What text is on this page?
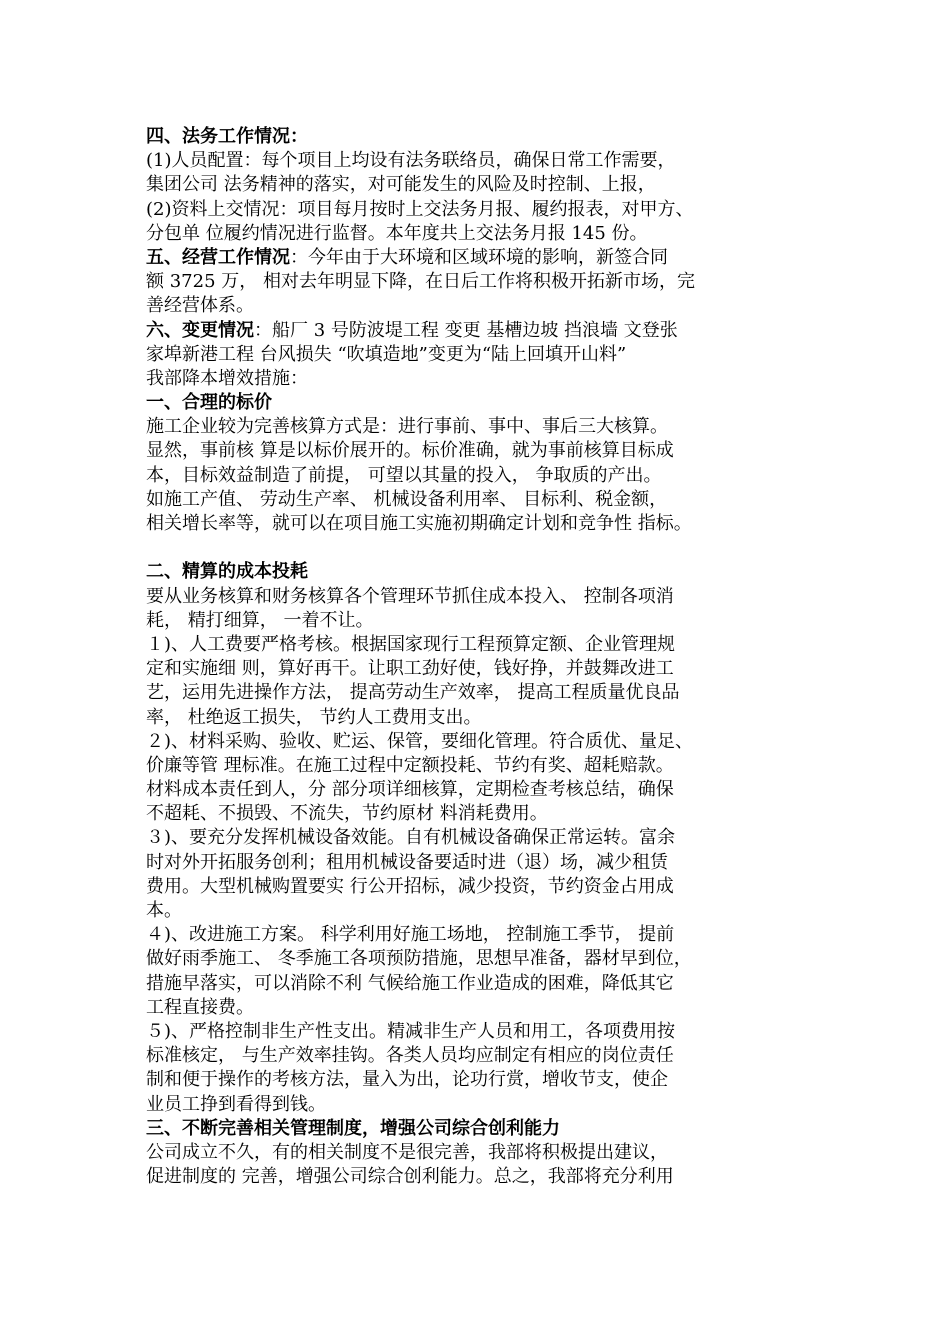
四、法务工作情况：
(1)人员配置：每个项目上均设有法务联络员，确保日常工作需要，
集团公司 法务精神的落实，对可能发生的风险及时控制、上报，
(2)资料上交情况：项目每月按时上交法务月报、履约报表，对甲方、
分包单 位履约情况进行监督。本年度共上交法务月报 145 份。
五、经营工作情况：今年由于大环境和区域环境的影响，新签合同
额 3725 万， 相对去年明显下降，在日后工作将积极开拓新市场，完
善经营体系。
六、变更情况：船厂 3 号防波堤工程 变更 基槽边坡 挡浪墙 文登张
家埠新港工程 台风损失 “吹填造地”变更为“陆上回填开山料”
我部降本增效措施：
一、合理的标价
施工企业较为完善核算方式是：进行事前、事中、事后三大核算。
显然，事前核 算是以标价展开的。标价准确，就为事前核算目标成
本，目标效益制造了前提， 可望以其量的投入， 争取质的产出。
如施工产值、 劳动生产率、 机械设备利用率、 目标利、税金额，
相关增长率等，就可以在项目施工实施初期确定计划和竞争性 指标。
二、精算的成本投耗
要从业务核算和财务核算各个管理环节抓住成本投入、 控制各项消
耗， 精打细算， 一着不让。
１)、人工费要严格考核。根据国家现行工程预算定额、企业管理规
定和实施细 则，算好再干。让职工劲好使，钱好挣，并鼓舞改进工
艺，运用先进操作方法， 提高劳动生产效率， 提高工程质量优良品
率， 杜绝返工损失， 节约人工费用支出。
２)、材料采购、验收、贮运、保管，要细化管理。符合质优、量足、
价廉等管 理标准。在施工过程中定额投耗、节约有奖、超耗赔款。
材料成本责任到人，分 部分项详细核算，定期检查考核总结，确保
不超耗、不损毁、不流失，节约原材 料消耗费用。
３)、要充分发挥机械设备效能。自有机械设备确保正常运转。富余
时对外开拓服务创利；租用机械设备要适时进（退）场，减少租赁
费用。大型机械购置要实 行公开招标，减少投资，节约资金占用成
本。
４)、改进施工方案。 科学利用好施工场地， 控制施工季节， 提前
做好雨季施工、 冬季施工各项预防措施，思想早准备，器材早到位，
措施早落实，可以消除不利 气候给施工作业造成的困难，降低其它
工程直接费。
５)、严格控制非生产性支出。精减非生产人员和用工，各项费用按
标准核定， 与生产效率挂钩。各类人员均应制定有相应的岗位责任
制和便于操作的考核方法，量入为出，论功行赏，增收节支，使企
业员工挣到看得到钱。
三、不断完善相关管理制度，增强公司综合创利能力
公司成立不久，有的相关制度不是很完善，我部将积极提出建议，
促进制度的 完善，增强公司综合创利能力。总之，我部将充分利用
